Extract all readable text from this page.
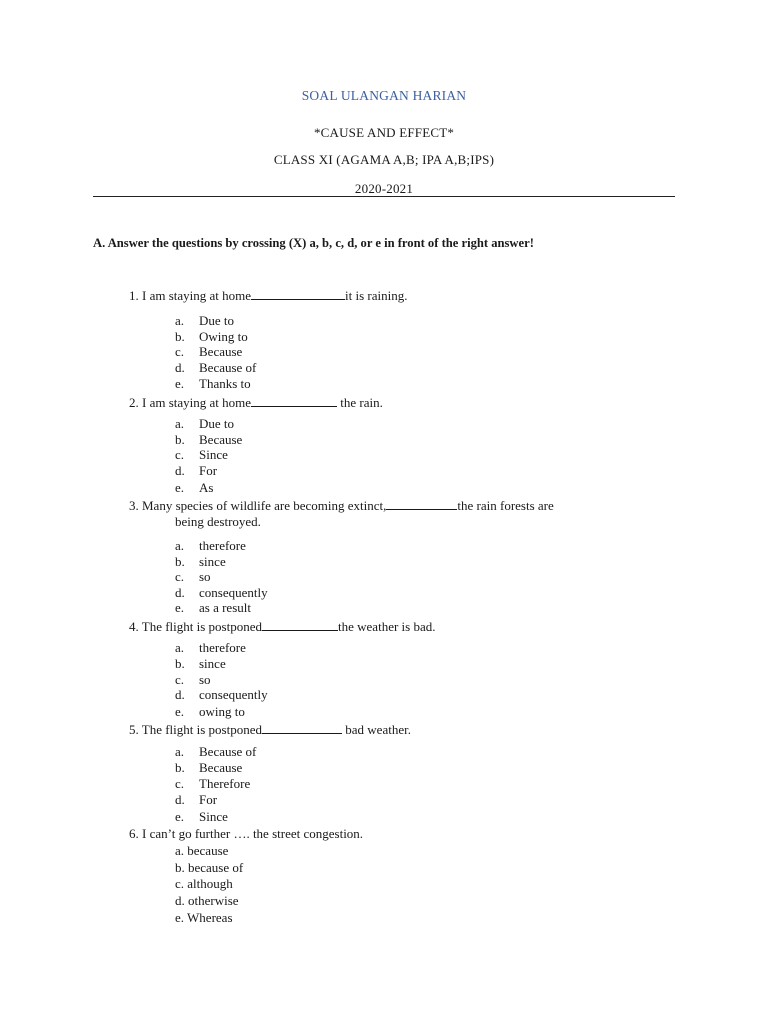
SOAL ULANGAN HARIAN
*CAUSE AND EFFECT*
CLASS XI (AGAMA A,B; IPA A,B;IPS)
2020-2021
A. Answer the questions by crossing (X) a, b, c, d, or e in front of the right answer!
1. I am staying at home	it is raining.
a. Due to
b. Owing to
c. Because
d. Because of
e. Thanks to
2. I am staying at home	the rain.
a. Due to
b. Because
c. Since
d. For
e. As
3. Many species of wildlife are becoming extinct,	the rain forests are
being destroyed.
a. therefore
b. since
c. so
d. consequently
e. as a result
4. The flight is postponed	the weather is bad.
a. therefore
b. since
c. so
d. consequently
e. owing to
5. The flight is postponed	bad weather.
a. Because of
b. Because
c. Therefore
d. For
e. Since
6. I can’t go further …. the street congestion.
a. because
b. because of
c. although
d. otherwise
e. Whereas
